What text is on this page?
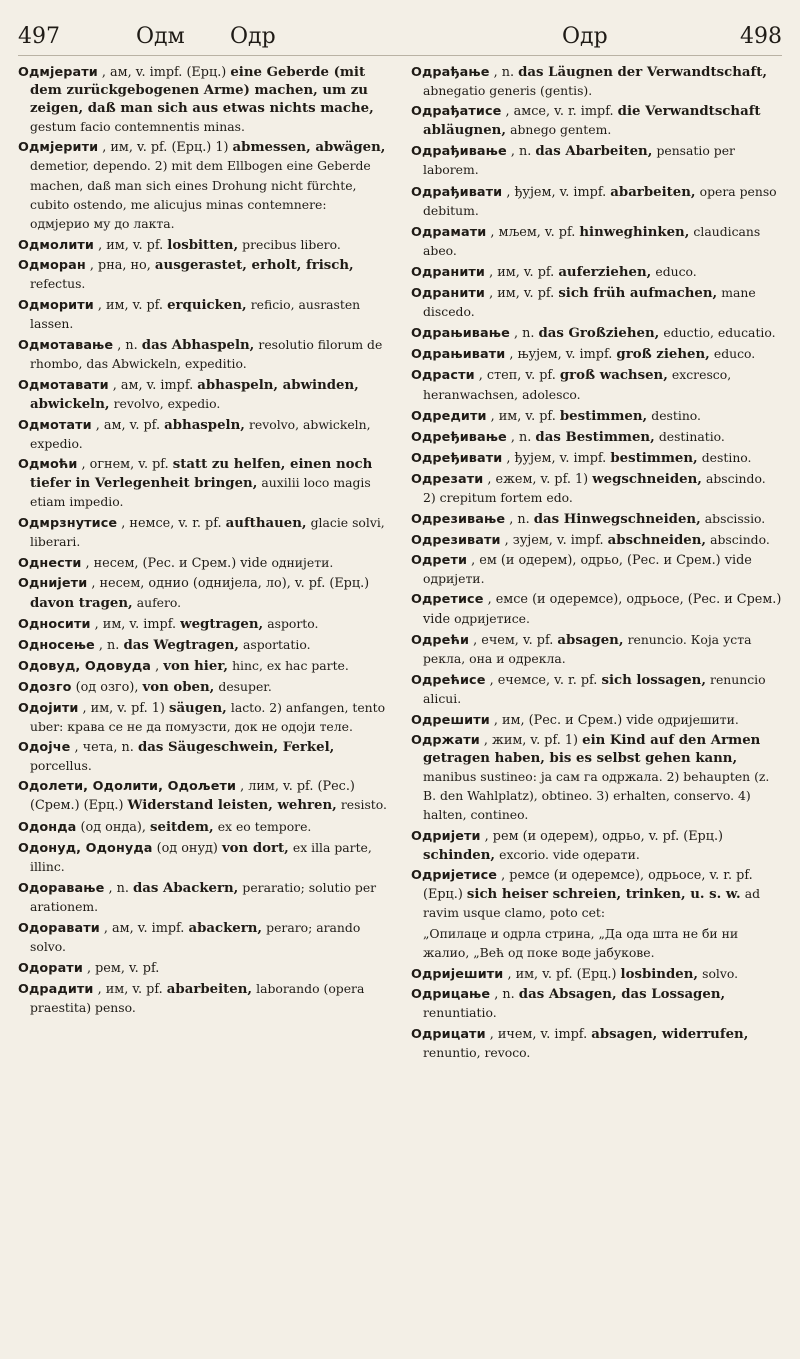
497	Одм Одр	Одр	498
Одмјерати , ам, v. impf. (Ерц.) eine Geberde (mit dem zurückgebogenen Arme) machen, um zu zeigen, daß man sich aus etwas nichts mache, gestum facio contemnentis minas.
Одмјерити , им, v. pf. (Ерц.) 1) abmessen, abwägen, demetior, dependo. 2) mit dem Ellbogen eine Geberde machen, daß man sich eines Drohung nicht fürchte, cubito ostendo, me alicujus minas contemnere: одмјерио му до лакта.
Одмолити , им, v. pf. losbitten, precibus libero.
Одморан , рна, но, ausgerastet, erholt, frisch, refectus.
Одморити , им, v. pf. erquicken, reficio, ausrasten lassen.
Одмотавање , n. das Abhaspeln, resolutio filorum de rhombo, das Abwickeln, expeditio.
Одмотавати , ам, v. impf. abhaspeln, abwinden, abwickeln, revolvo, expedio.
Одмотати , ам, v. pf. abhaspeln, revolvo, abwickeln, expedio.
Одмоћи , огнем, v. pf. statt zu helfen, einen noch tiefer in Verlegenheit bringen, auxilii loco magis etiam impedio.
Одмрзнутисе , немсе, v. r. pf. aufthauen, glacie solvi, liberari.
Однести , несем, (Рес. и Срем.) vide однијети.
Однијети , несем, однио (однијела, ло), v. pf. (Ерц.) davon tragen, aufero.
Односити , им, v. impf. wegtragen, asporto.
Односење , n. das Wegtragen, asportatio.
Одовуд, Одовуда , von hier, hinc, ex hac parte.
Одозго (од озго), von oben, desuper.
Одојити , им, v. pf. 1) säugen, lacto. 2) anfangen, tento uber: крава се не да помузсти, док не одоји теле.
Одојче , чета, n. das Säugeschwein, Ferkel, porcellus.
Одолети, Одолити, Одољети , лим, v. pf. (Рес.) (Срем.) (Ерц.) Widerstand leisten, wehren, resisto.
Одонда (од онда), seitdem, ex eo tempore.
Одонуд, Одонуда (од онуд) von dort, ex illa parte, illinc.
Одоравање , n. das Abackern, peraratio; solutio per arationem.
Одоравати , ам, v. impf. abackern, peraro; arando solvo.
Одорати , рем, v. pf.
Одрадити , им, v. pf. abarbeiten, laborando (opera praestita) penso.
Одрађање , n. das Läugnen der Verwandtschaft, abnegatio generis (gentis).
Одрађатисе , амсе, v. r. impf. die Verwandtschaft abläugnen, abnego gentem.
Одрађивање , n. das Abarbeiten, pensatio per laborem.
Одрађивати , ђујем, v. impf. abarbeiten, opera penso debitum.
Одрамати , мљем, v. pf. hinweghinken, claudicans abeo.
Одранити , им, v. pf. auferziehen, educo.
Одранити , им, v. pf. sich früh aufmachen, mane discedo.
Одрањивање , n. das Großziehen, eductio, educatio.
Одрањивати , њујем, v. impf. groß ziehen, educo.
Одрасти , степ, v. pf. groß wachsen, excresco, heranwachsen, adolesco.
Одредити , им, v. pf. bestimmen, destino.
Одређивање , n. das Bestimmen, destinatio.
Одређивати , ђујем, v. impf. bestimmen, destino.
Одрезати , ежем, v. pf. 1) wegschneiden, abscindo. 2) crepitum fortem edo.
Одрезивање , n. das Hinwegschneiden, abscissio.
Одрезивати , зујем, v. impf. abschneiden, abscindo.
Одрети , ем (и одерем), одрьо, (Рес. и Срем.) vide одријети.
Одретисе , емсе (и одеремсе), одрьосе, (Рес. и Срем.) vide одријетисе.
Одрећи , ечем, v. pf. absagen, renuncio. Која уста рекла, она и одрекла.
Одрећисе , ечемсе, v. r. pf. sich lossagen, renuncio alicui.
Одрешити , им, (Рес. и Срем.) vide одријешити.
Одржати , жим, v. pf. 1) ein Kind auf den Armen getragen haben, bis es selbst gehen kann, manibus sustineo: ја сам га одржала. 2) behaupten (z. B. den Wahlplatz), obtineo. 3) erhalten, conservo. 4) halten, contineo.
Одријети , рем (и одерем), одрьо, v. pf. (Ерц.) schinden, excorio. vide одерати.
Одријетисе , ремсе (и одеремсе), одрьосе, v. r. pf. (Ерц.) sich heiser schreien, trinken, u. s. w. ad ravim usque clamo, poto cet:
„Опилаце и одрла стрина, „Да ода шта не би ни жалио, „Већ од поке воде јабукове.
Одријешити , им, v. pf. (Ерц.) losbinden, solvo.
Одрицање , n. das Absagen, das Lossagen, renuntiatio.
Одрицати , ичем, v. impf. absagen, widerrufen, renuntio, revoco.
